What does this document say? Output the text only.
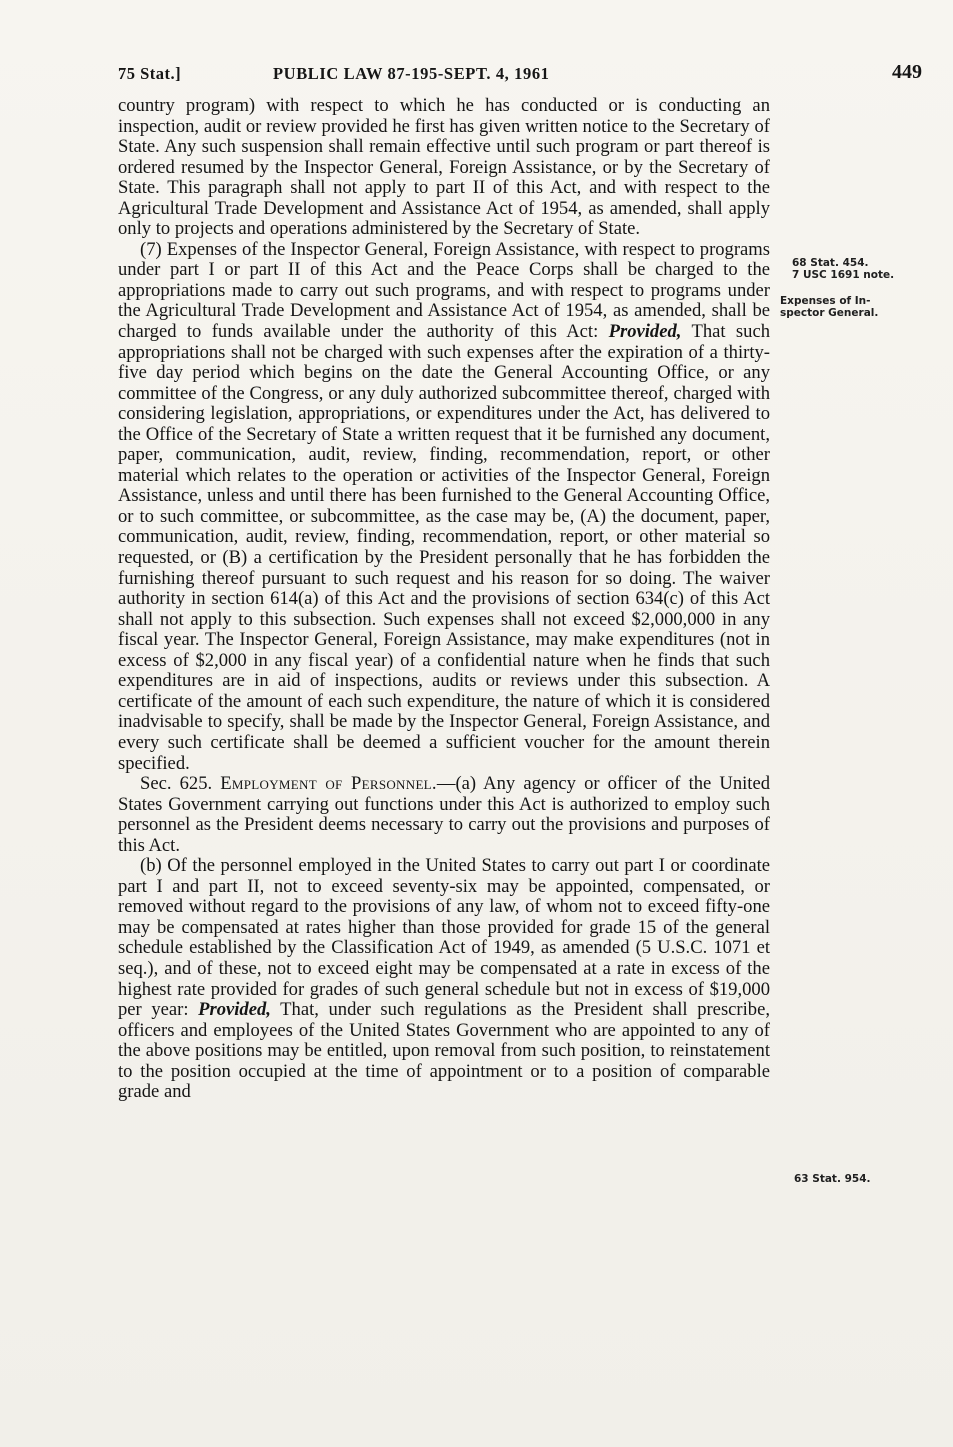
75 Stat.]	PUBLIC LAW 87-195-SEPT. 4, 1961	449

country program) with respect to which he has conducted or is conducting an inspection, audit or review provided he first has given written notice to the Secretary of State. Any such suspension shall remain effective until such program or part thereof is ordered resumed by the Inspector General, Foreign Assistance, or by the Secretary of State. This paragraph shall not apply to part II of this Act, and with respect to the Agricultural Trade Development and Assistance Act of 1954, as amended, shall apply only to projects and operations administered by the Secretary of State.

(7) Expenses of the Inspector General, Foreign Assistance, with respect to programs under part I or part II of this Act and the Peace Corps shall be charged to the appropriations made to carry out such programs, and with respect to programs under the Agricultural Trade Development and Assistance Act of 1954, as amended, shall be charged to funds available under the authority of this Act: Provided, That such appropriations shall not be charged with such expenses after the expiration of a thirty-five day period which begins on the date the General Accounting Office, or any committee of the Congress, or any duly authorized subcommittee thereof, charged with considering legislation, appropriations, or expenditures under the Act, has delivered to the Office of the Secretary of State a written request that it be furnished any document, paper, communication, audit, review, finding, recommendation, report, or other material which relates to the operation or activities of the Inspector General, Foreign Assistance, unless and until there has been furnished to the General Accounting Office, or to such committee, or subcommittee, as the case may be, (A) the document, paper, communication, audit, review, finding, recommendation, report, or other material so requested, or (B) a certification by the President personally that he has forbidden the furnishing thereof pursuant to such request and his reason for so doing. The waiver authority in section 614(a) of this Act and the provisions of section 634(c) of this Act shall not apply to this subsection. Such expenses shall not exceed $2,000,000 in any fiscal year. The Inspector General, Foreign Assistance, may make expenditures (not in excess of $2,000 in any fiscal year) of a confidential nature when he finds that such expenditures are in aid of inspections, audits or reviews under this subsection. A certificate of the amount of each such expenditure, the nature of which it is considered inadvisable to specify, shall be made by the Inspector General, Foreign Assistance, and every such certificate shall be deemed a sufficient voucher for the amount therein specified.

Sec. 625. Employment of Personnel.—(a) Any agency or officer of the United States Government carrying out functions under this Act is authorized to employ such personnel as the President deems necessary to carry out the provisions and purposes of this Act.

(b) Of the personnel employed in the United States to carry out part I or coordinate part I and part II, not to exceed seventy-six may be appointed, compensated, or removed without regard to the provisions of any law, of whom not to exceed fifty-one may be compensated at rates higher than those provided for grade 15 of the general schedule established by the Classification Act of 1949, as amended (5 U.S.C. 1071 et seq.), and of these, not to exceed eight may be compensated at a rate in excess of the highest rate provided for grades of such general schedule but not in excess of $19,000 per year: Provided, That, under such regulations as the President shall prescribe, officers and employees of the United States Government who are appointed to any of the above positions may be entitled, upon removal from such position, to reinstatement to the position occupied at the time of appointment or to a position of comparable grade and

68 Stat. 454.
7 USC 1691 note.
Expenses of In-
spector General.
63 Stat. 954.
